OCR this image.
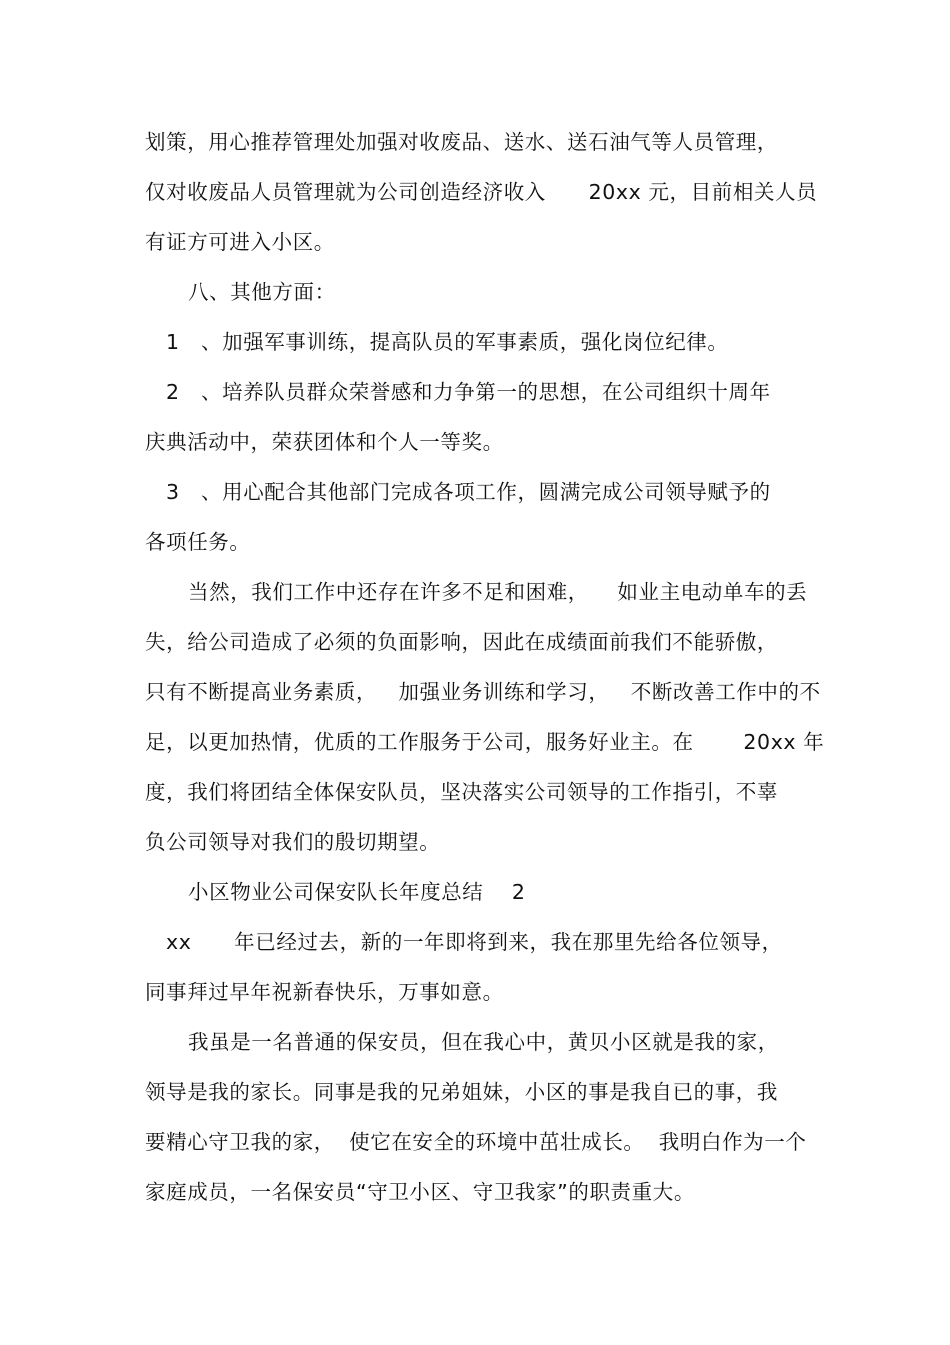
划策，用心推荐管理处加强对收废品、送水、送石油气等人员管理，
仅对收废品人员管理就为公司创造经济收入      20xx 元，目前相关人员
有证方可进入小区。
八、其他方面：
1   、加强军事训练，提高队员的军事素质，强化岗位纪律。
2   、培养队员群众荣誉感和力争第一的思想，在公司组织十周年
庆典活动中，荣获团体和个人一等奖。
3   、用心配合其他部门完成各项工作，圆满完成公司领导赋予的
各项任务。
当然，我们工作中还存在许多不足和困难，    如业主电动单车的丢
失，给公司造成了必须的负面影响，因此在成绩面前我们不能骄傲，
只有不断提高业务素质，   加强业务训练和学习，   不断改善工作中的不
足，以更加热情，优质的工作服务于公司，服务好业主。在       20xx 年
度，我们将团结全体保安队员，坚决落实公司领导的工作指引，不辜
负公司领导对我们的殷切期望。
小区物业公司保安队长年度总结    2
xx      年已经过去，新的一年即将到来，我在那里先给各位领导，
同事拜过早年祝新春快乐，万事如意。
我虽是一名普通的保安员，但在我心中，黄贝小区就是我的家，
领导是我的家长。同事是我的兄弟姐妹，小区的事是我自已的事，我
要精心守卫我的家，  使它在安全的环境中茁壮成长。  我明白作为一个
家庭成员，一名保安员“守卫小区、守卫我家”的职责重大。
